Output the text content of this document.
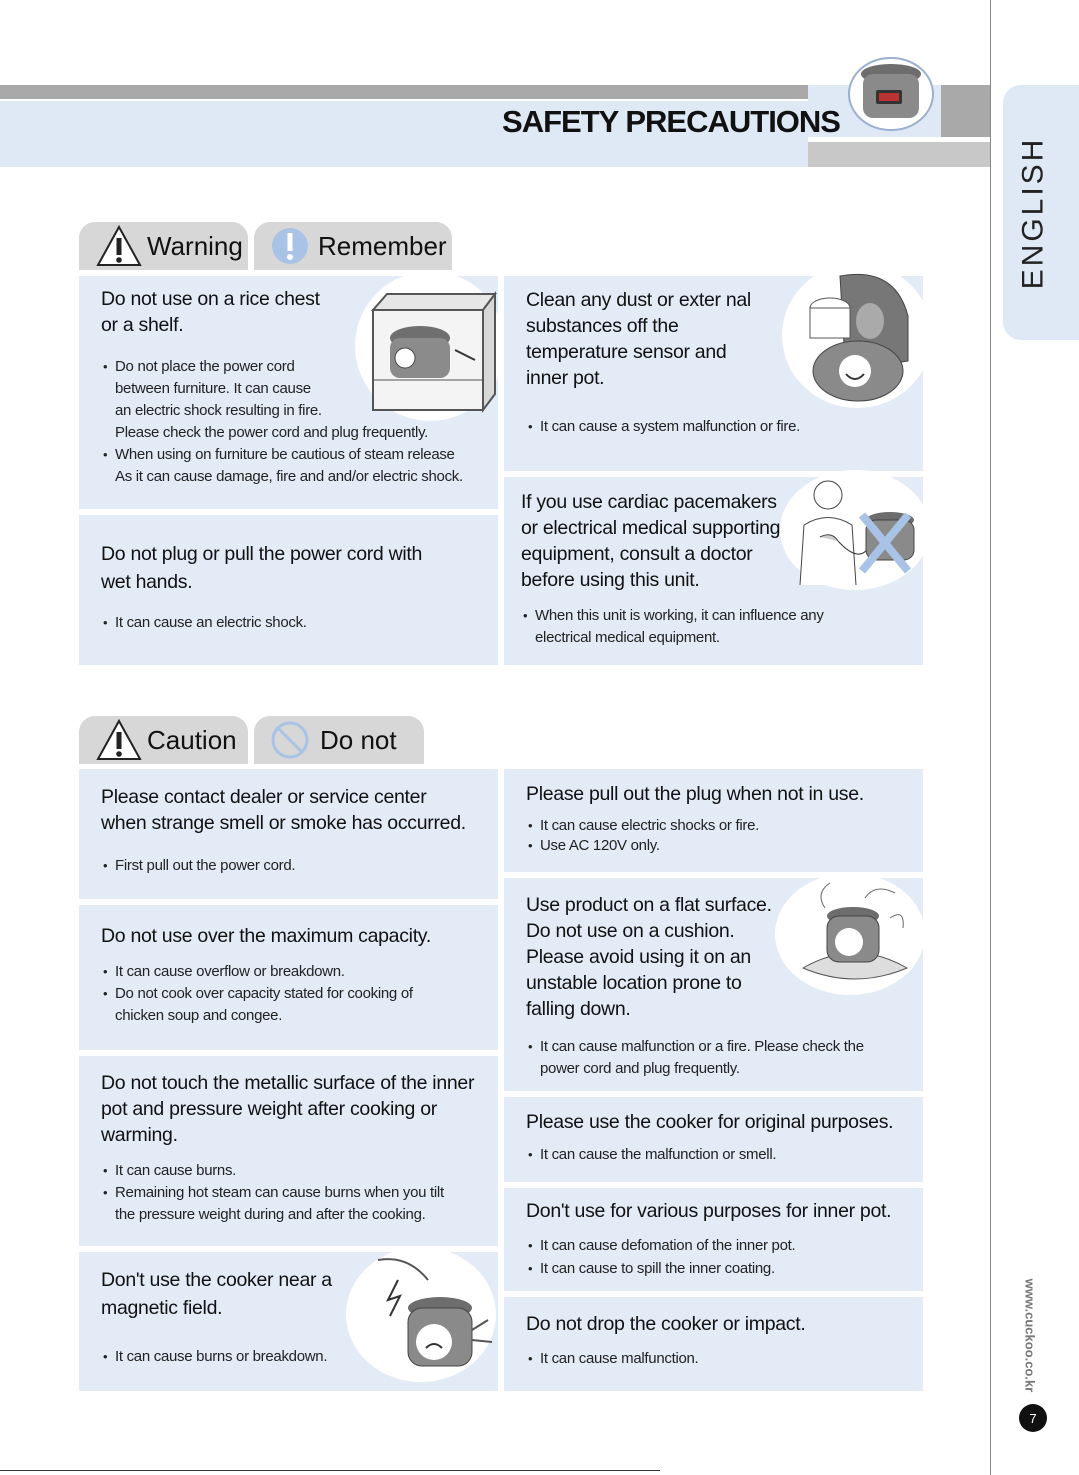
SAFETY PRECAUTIONS
ENGLISH
www.cuckoo.co.kr
7
Warning	Remember
Do not use on a rice chest
or a shelf.
• Do not place the power cord
between furniture. It can cause
an electric shock resulting in fire.
Please check the power cord and plug frequently.
• When using on furniture be cautious of steam release
As it can cause damage, fire and and/or electric shock.
Do not plug or pull the power cord with
wet hands.
• It can cause an electric shock.
Clean any dust or exter nal
substances off the
temperature sensor and
inner pot.
• It can cause a system malfunction or fire.
If you use cardiac pacemakers
or electrical medical supporting
equipment, consult a doctor
before using this unit.
• When this unit is working, it can influence any
electrical medical equipment.
Caution	Do not
Please contact dealer or service center
when strange smell or smoke has occurred.
• First pull out the power cord.
Do not use over the maximum capacity.
• It can cause overflow or breakdown.
• Do not cook over capacity stated for cooking of
chicken soup and congee.
Do not touch the metallic surface of the inner
pot and pressure weight after cooking or
warming.
• It can cause burns.
• Remaining hot steam can cause burns when you tilt
the pressure weight during and after the cooking.
Don't use the cooker near a
magnetic field.
• It can cause burns or breakdown.
Please pull out the plug when not in use.
• It can cause electric shocks or fire.
• Use AC 120V only.
Use product on a flat surface.
Do not use on a cushion.
Please avoid using it on an
unstable location prone to
falling down.
• It can cause malfunction or a fire. Please check the
power cord and plug frequently.
Please use the cooker for original purposes.
• It can cause the malfunction or smell.
Don't use for various purposes for inner pot.
• It can cause defomation of the inner pot.
• It can cause to spill the inner coating.
Do not drop the cooker or impact.
• It can cause malfunction.
